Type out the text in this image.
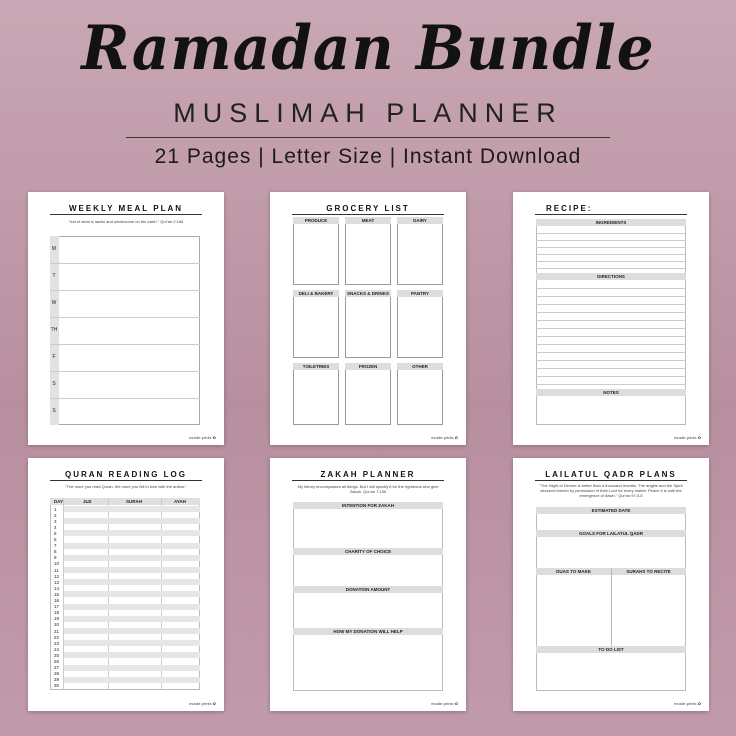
Ramadan Bundle
MUSLIMAH PLANNER
21 Pages | Letter Size | Instant Download
WEEKLY MEAL PLAN
"eat of what is lawful and wholesome on the earth." Qur'an 2:168
M
T
W
TH
F
S
S
muslie.prints ✿
GROCERY LIST
PRODUCE	MEAT	DAIRY
DELI & BAKERY	SNACKS & DRINKS	PANTRY
TOILETRIES	FROZEN	OTHER
muslie.prints ✿
RECIPE:
INGREDIENTS
DIRECTIONS
NOTES
muslie.prints ✿
QURAN READING LOG
"The more you read Quran, the more you fell in love with the author."
DAY	JUZ	SURAH	AYAH
1
2
3
4
5
6
7
8
9
10
11
12
13
14
15
16
17
18
19
20
21
22
23
24
25
26
27
28
29
30
muslie.prints ✿
ZAKAH PLANNER
My Mercy encompasses all things. But I will specify it for the righteous who give Zakah. Qur'an 7:156
INTENTION FOR ZAKAH
CHARITY OF CHOICE
DONATION AMOUNT
HOW MY DONATION WILL HELP
muslie.prints ✿
LAILATUL QADR PLANS
"The Night of Decree is better than a thousand months. The angels and the Spirit descend therein by permission of their Lord for every matter. Peace it is until the emergence of dawn." Qur'an 97:3-5
ESTIMATED DATE
GOALS FOR LAILATUL QADR
DUAS TO MAKE	SURAHS TO RECITE
TO DO LIST
muslie.prints ✿
